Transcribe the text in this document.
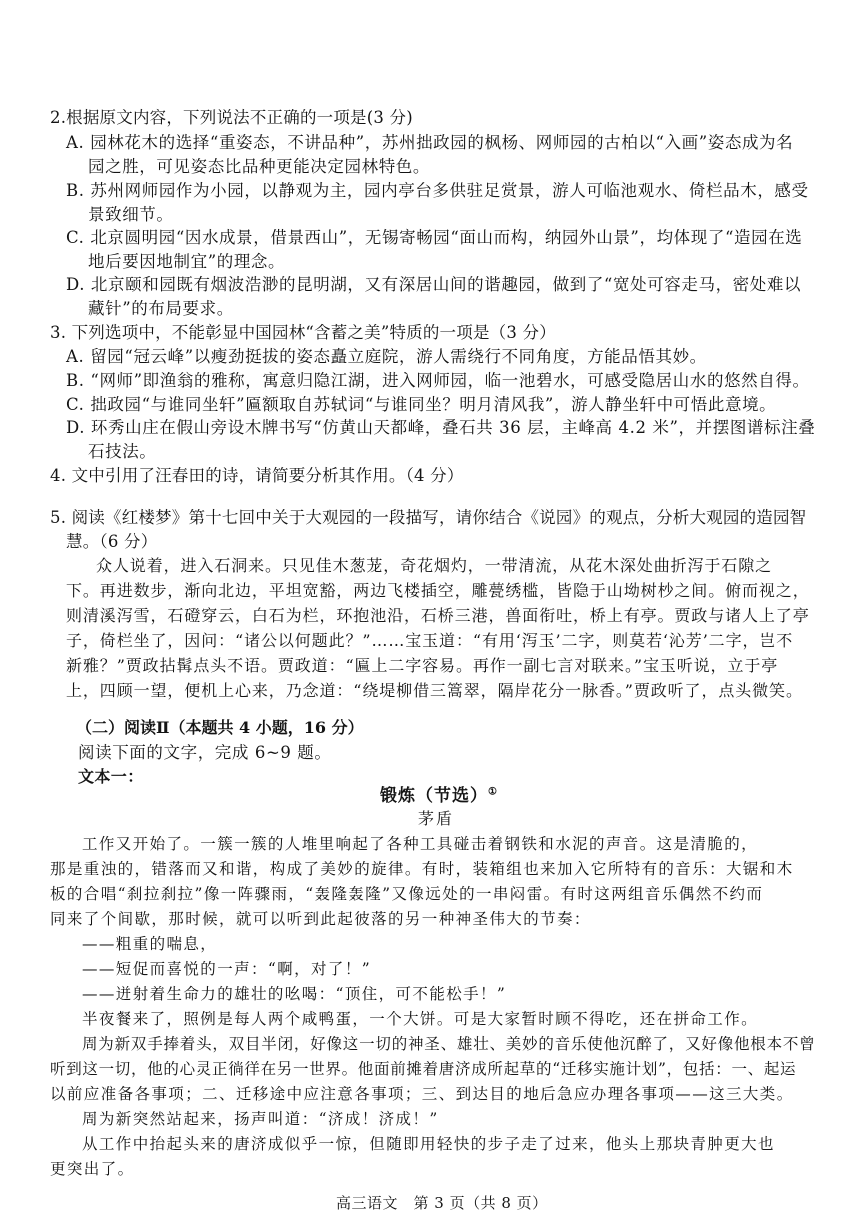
2.根据原文内容，下列说法不正确的一项是(3 分)
A. 园林花木的选择“重姿态，不讲品种”，苏州拙政园的枫杨、网师园的古柏以“入画”姿态成为名
园之胜，可见姿态比品种更能决定园林特色。
B. 苏州网师园作为小园，以静观为主，园内亭台多供驻足赏景，游人可临池观水、倚栏品木，感受
景致细节。
C. 北京圆明园“因水成景，借景西山”，无锡寄畅园“面山而构，纳园外山景”，均体现了“造园在选
地后要因地制宜”的理念。
D. 北京颐和园既有烟波浩渺的昆明湖，又有深居山间的谐趣园，做到了“宽处可容走马，密处难以
藏针”的布局要求。
3. 下列选项中，不能彰显中国园林“含蓄之美”特质的一项是（3 分）
A. 留园“冠云峰”以瘦劲挺拔的姿态矗立庭院，游人需绕行不同角度，方能品悟其妙。
B. “网师”即渔翁的雅称，寓意归隐江湖，进入网师园，临一池碧水，可感受隐居山水的悠然自得。
C. 拙政园“与谁同坐轩”匾额取自苏轼词“与谁同坐？明月清风我”，游人静坐轩中可悟此意境。
D. 环秀山庄在假山旁设木牌书写“仿黄山天都峰，叠石共 36 层，主峰高 4.2 米”，并摆图谱标注叠
石技法。
4. 文中引用了汪春田的诗，请简要分析其作用。（4 分）
5. 阅读《红楼梦》第十七回中关于大观园的一段描写，请你结合《说园》的观点，分析大观园的造园智
慧。（6 分）
众人说着，进入石洞来。只见佳木葱茏，奇花烟灼，一带清流，从花木深处曲折泻于石隙之
下。再进数步，渐向北边，平坦宽豁，两边飞楼插空，雕甍绣槛，皆隐于山坳树杪之间。俯而视之，
则清溪泻雪，石磴穿云，白石为栏，环抱池沿，石桥三港，兽面衔吐，桥上有亭。贾政与诸人上了亭
子，倚栏坐了，因问：“诸公以何题此？”……宝玉道：“有用‘泻玉’二字，则莫若‘沁芳’二字，岂不
新雅？”贾政拈髯点头不语。贾政道：“匾上二字容易。再作一副七言对联来。”宝玉听说，立于亭
上，四顾一望，便机上心来，乃念道：“绕堤柳借三篙翠，隔岸花分一脉香。”贾政听了，点头微笑。
（二）阅读Ⅱ（本题共 4 小题，16 分）
阅读下面的文字，完成 6~9 题。
文本一：
锻炼（节选）①
茅盾
工作又开始了。一簇一簇的人堆里响起了各种工具碰击着钢铁和水泥的声音。这是清脆的，
那是重浊的，错落而又和谐，构成了美妙的旋律。有时，装箱组也来加入它所特有的音乐：大锯和木
板的合唱“刹拉刹拉”像一阵骤雨，“轰隆轰隆”又像远处的一串闷雷。有时这两组音乐偶然不约而
同来了个间歇，那时候，就可以听到此起彼落的另一种神圣伟大的节奏：
——粗重的喘息，
——短促而喜悦的一声：“啊，对了！”
——迸射着生命力的雄壮的吆喝：“顶住，可不能松手！”
半夜餐来了，照例是每人两个咸鸭蛋，一个大饼。可是大家暂时顾不得吃，还在拼命工作。
周为新双手捧着头，双目半闭，好像这一切的神圣、雄壮、美妙的音乐使他沉醉了，又好像他根本不曾
听到这一切，他的心灵正徜徉在另一世界。他面前摊着唐济成所起草的“迁移实施计划”，包括：一、起运
以前应准备各事项；二、迁移途中应注意各事项；三、到达目的地后急应办理各事项——这三大类。
周为新突然站起来，扬声叫道：“济成！济成！”
从工作中抬起头来的唐济成似乎一惊，但随即用轻快的步子走了过来，他头上那块青肿更大也
更突出了。
高三语文　第 3 页（共 8 页）
